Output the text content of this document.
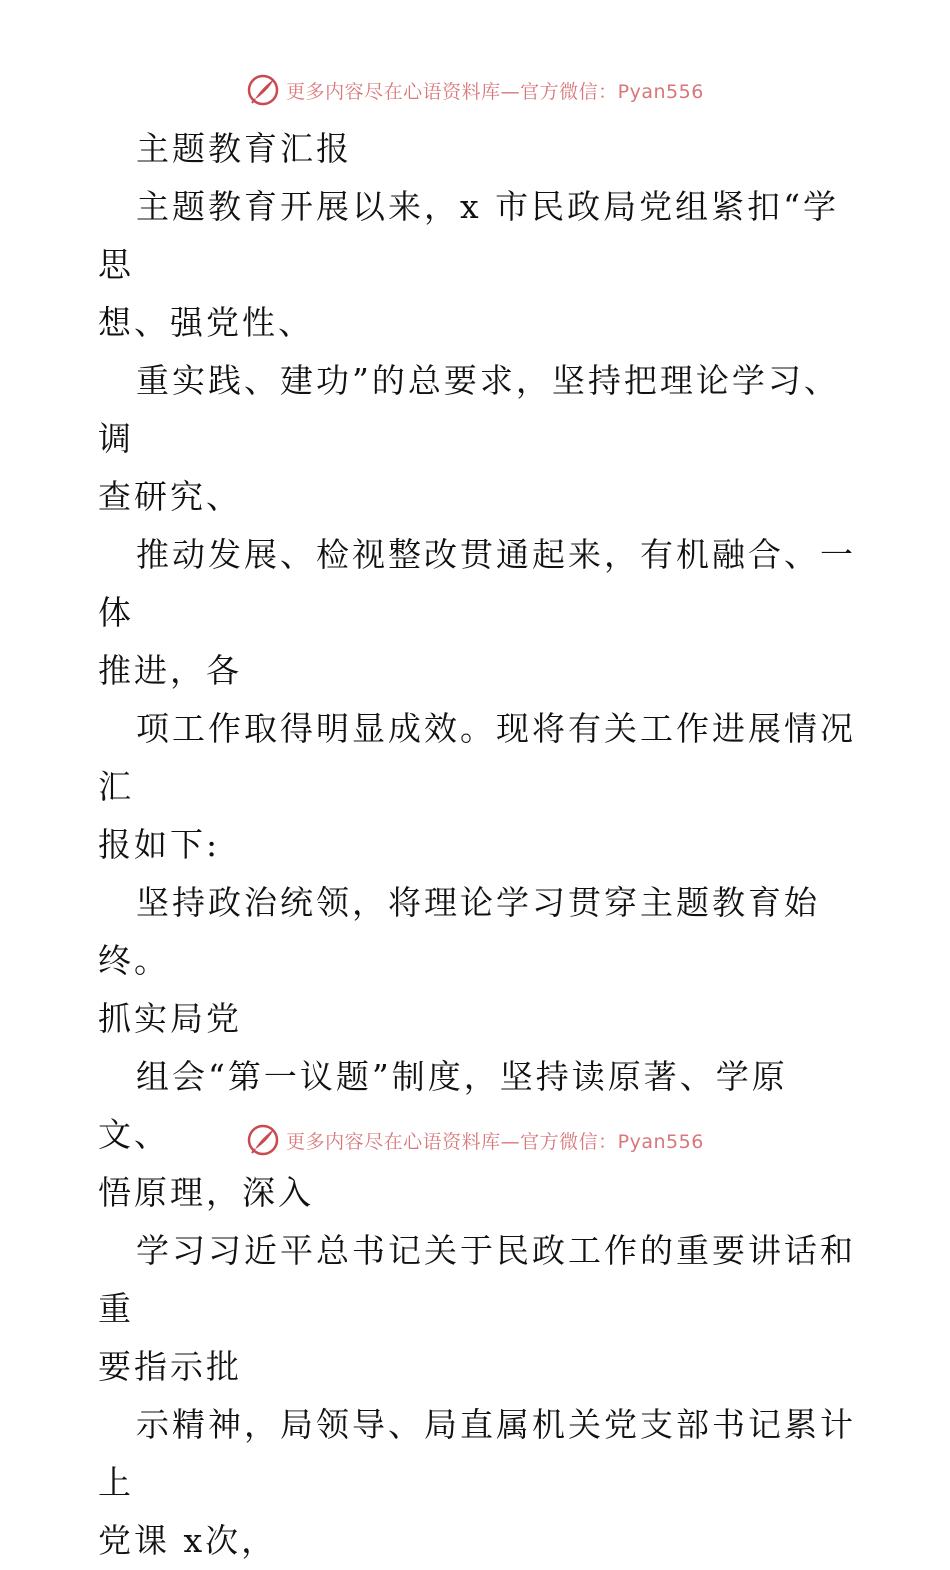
更多内容尽在心语资料库—官方微信：Pyan556

主题教育汇报

主题教育开展以来，x 市民政局党组紧扣“学思

想、强党性、

重实践、建功”的总要求，坚持把理论学习、调

查研究、

推动发展、检视整改贯通起来，有机融合、一体

推进，各

项工作取得明显成效。现将有关工作进展情况汇

报如下:

坚持政治统领，将理论学习贯穿主题教育始终。

抓实局党

组会“第一议题”制度，坚持读原著、学原文、

悟原理，深入

学习习近平总书记关于民政工作的重要讲话和重

要指示批

示精神，局领导、局直属机关党支部书记累计上

党课 x次，

更多内容尽在心语资料库—官方微信：Pyan556
